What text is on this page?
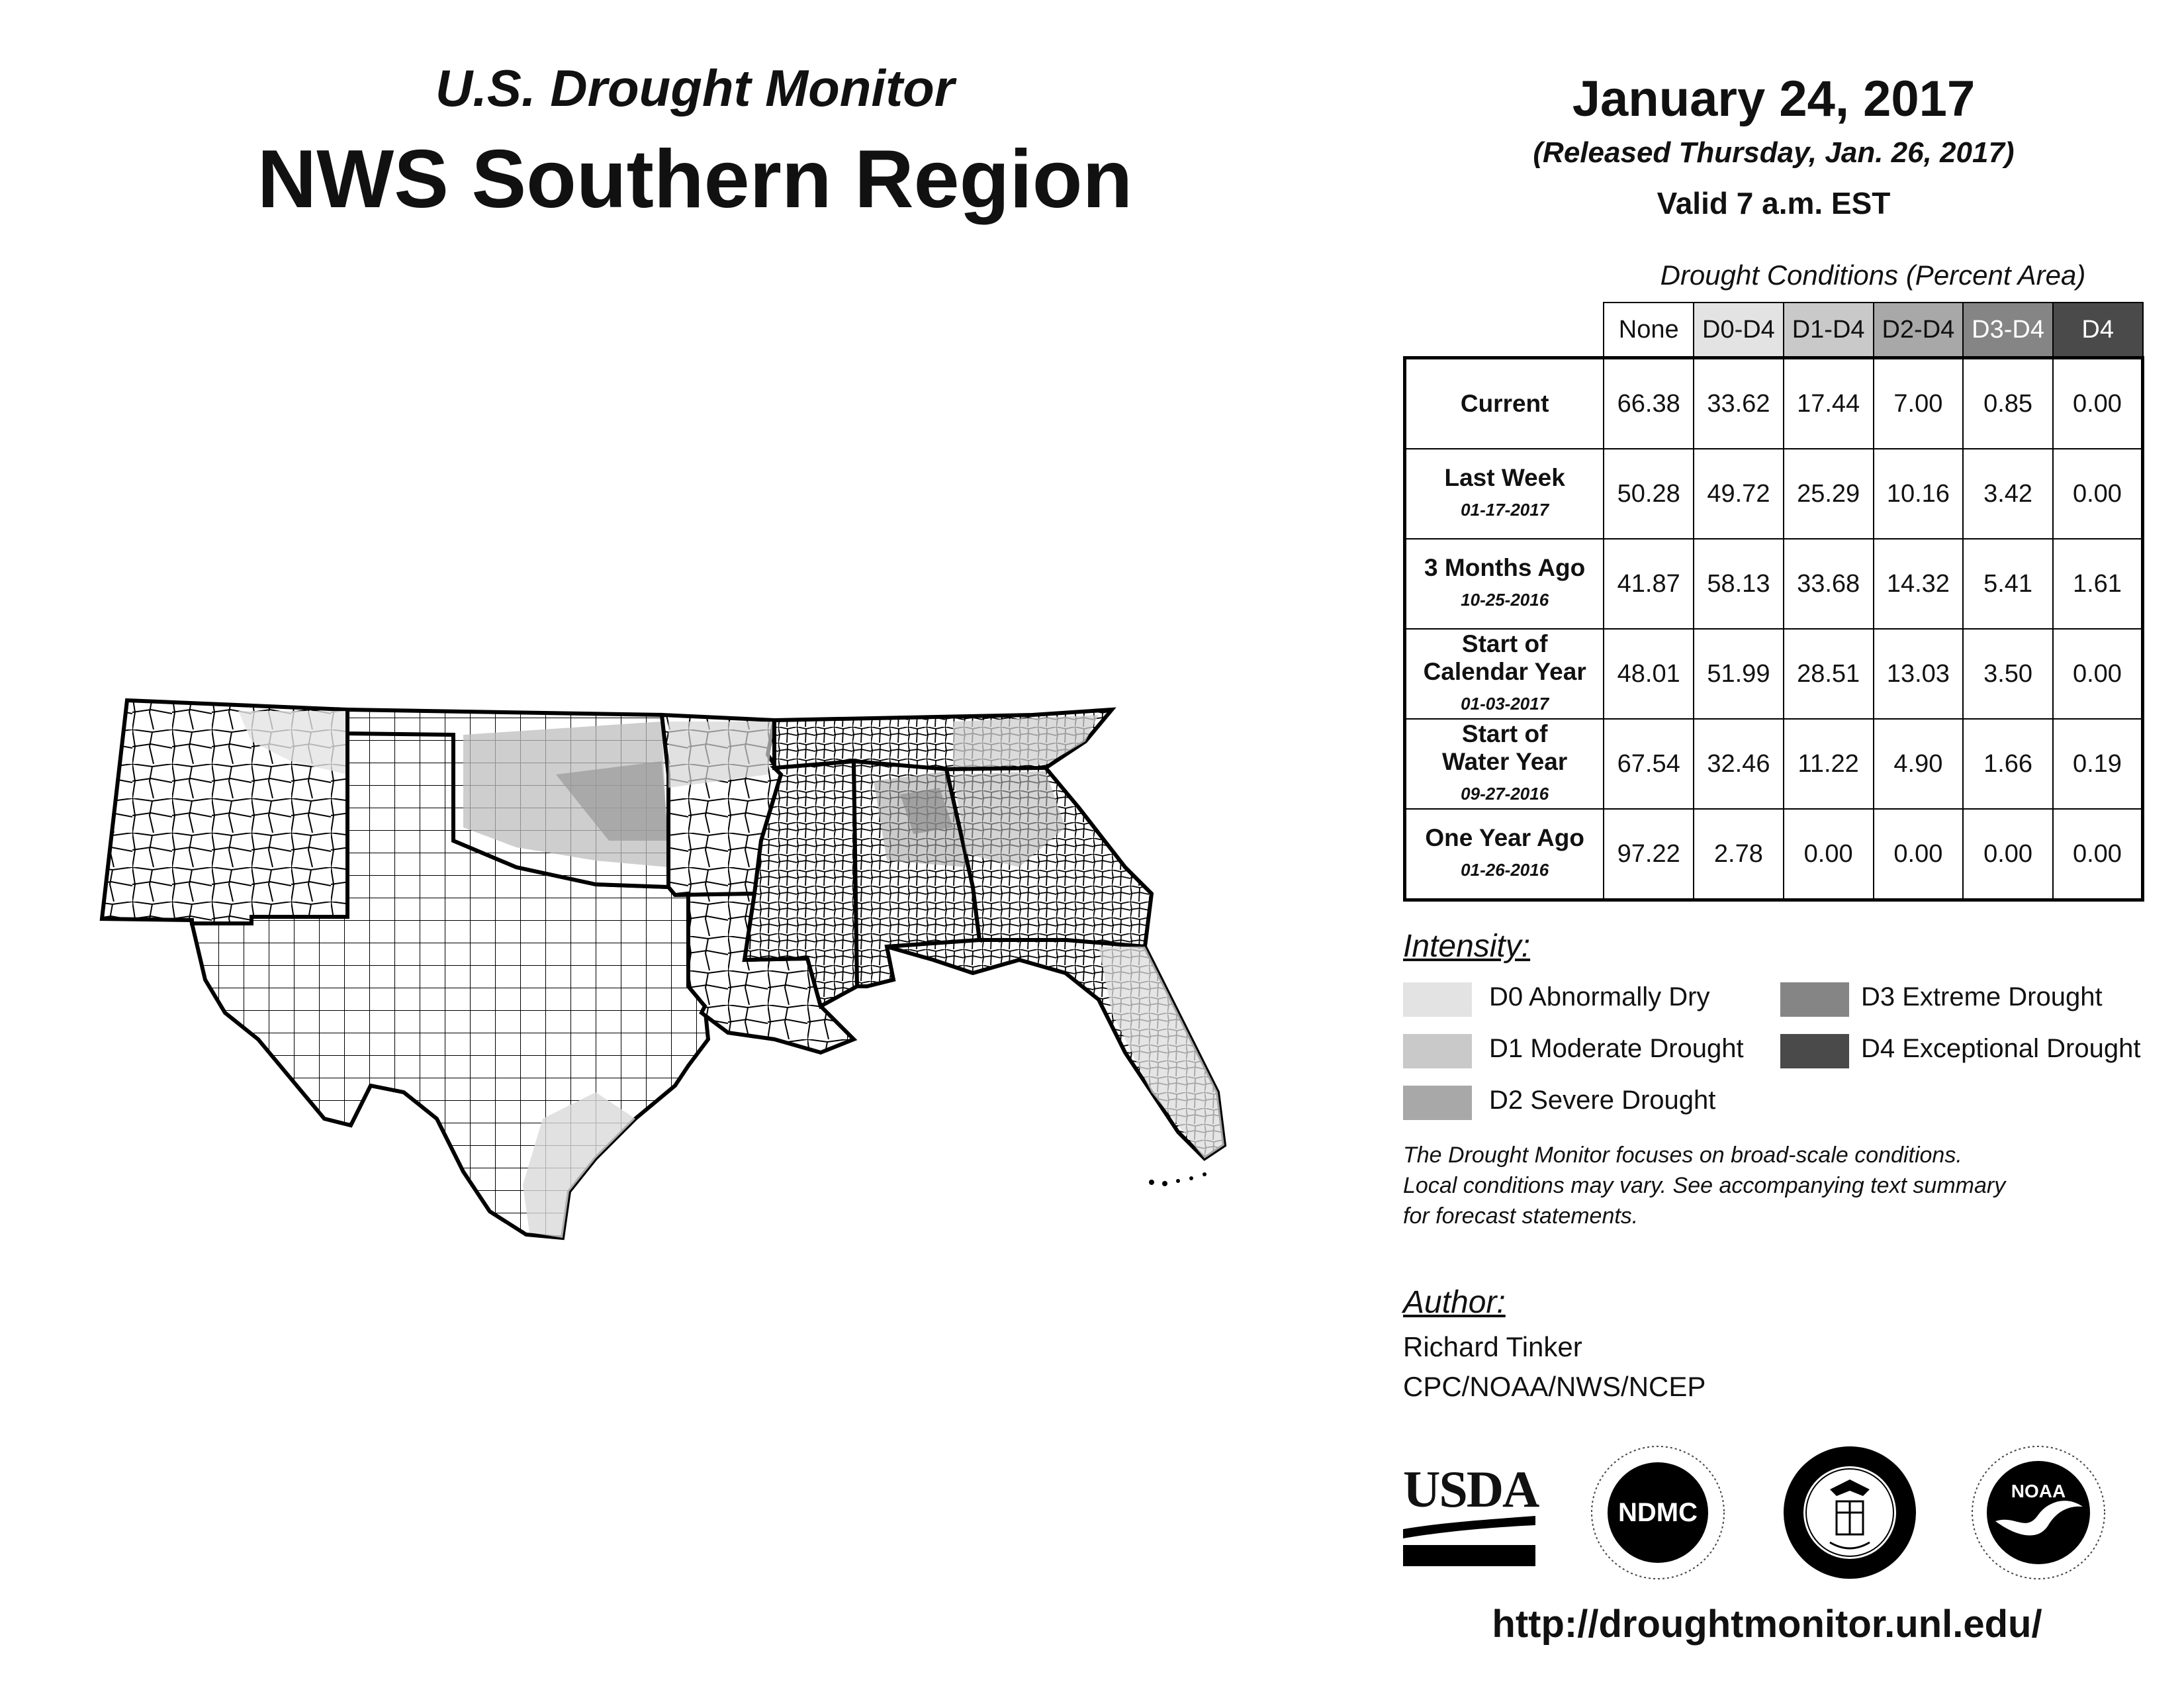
U.S. Drought Monitor
NWS Southern Region
January 24, 2017
(Released Thursday, Jan. 26, 2017)
Valid 7 a.m. EST
Drought Conditions (Percent Area)
	None	D0-D4	D1-D4	D2-D4	D3-D4	D4
Current	66.38	33.62	17.44	7.00	0.85	0.00
Last Week
01-17-2017	50.28	49.72	25.29	10.16	3.42	0.00
3 Months Ago
10-25-2016	41.87	58.13	33.68	14.32	5.41	1.61
Start of Calendar Year
01-03-2017	48.01	51.99	28.51	13.03	3.50	0.00
Start of Water Year
09-27-2016	67.54	32.46	11.22	4.90	1.66	0.19
One Year Ago
01-26-2016	97.22	2.78	0.00	0.00	0.00	0.00
Intensity:
D0 Abnormally Dry
D1 Moderate Drought
D2 Severe Drought
D3 Extreme Drought
D4 Exceptional Drought
The Drought Monitor focuses on broad-scale conditions.
Local conditions may vary. See accompanying text summary
for forecast statements.
Author:
Richard Tinker
CPC/NOAA/NWS/NCEP
USDA	NDMC
NOAA
http://droughtmonitor.unl.edu/
